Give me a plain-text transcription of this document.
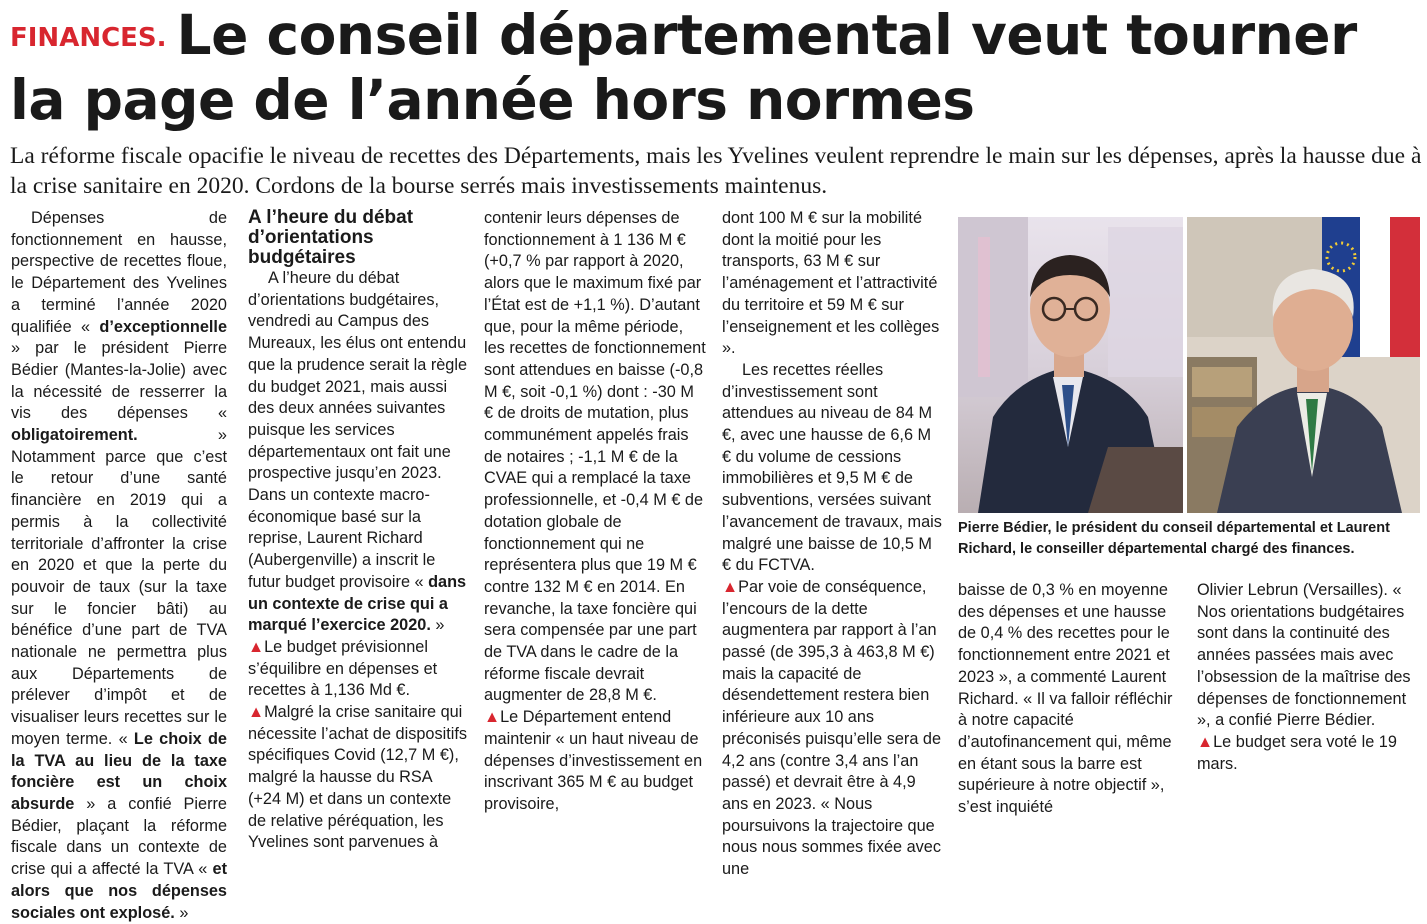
FINANCES. Le conseil départemental veut tourner la page de l’année hors normes

La réforme fiscale opacifie le niveau de recettes des Départements, mais les Yvelines veulent reprendre le main sur les dépenses, après la hausse due à la crise sanitaire en 2020. Cordons de la bourse serrés mais investissements maintenus.

Dépenses de fonctionnement en hausse, perspective de recettes floue, le Département des Yvelines a terminé l’année 2020 qualifiée « d’exceptionnelle » par le président Pierre Bédier (Mantes-la-Jolie) avec la nécessité de resserrer la vis des dépenses « obligatoirement. » Notamment parce que c’est le retour d’une santé financière en 2019 qui a permis à la collectivité territoriale d’affronter la crise en 2020 et que la perte du pouvoir de taux (sur la taxe sur le foncier bâti) au bénéfice d’une part de TVA nationale ne permettra plus aux Départements de prélever d’impôt et de visualiser leurs recettes sur le moyen terme. « Le choix de la TVA au lieu de la taxe foncière est un choix absurde » a confié Pierre Bédier, plaçant la réforme fiscale dans un contexte de crise qui a affecté la TVA « et alors que nos dépenses sociales ont explosé. »

A l’heure du débat d’orientations budgétaires

A l’heure du débat d’orientations budgétaires, vendredi au Campus des Mureaux, les élus ont entendu que la prudence serait la règle du budget 2021, mais aussi des deux années suivantes puisque les services départementaux ont fait une prospective jusqu’en 2023. Dans un contexte macro-économique basé sur la reprise, Laurent Richard (Aubergenville) a inscrit le futur budget provisoire « dans un contexte de crise qui a marqué l’exercice 2020. »

▲Le budget prévisionnel s’équilibre en dépenses et recettes à 1,136 Md €.

▲Malgré la crise sanitaire qui nécessite l’achat de dispositifs spécifiques Covid (12,7 M €), malgré la hausse du RSA (+24 M) et dans un contexte de relative péréquation, les Yvelines sont parvenues à

contenir leurs dépenses de fonctionnement à 1 136 M € (+0,7 % par rapport à 2020, alors que le maximum fixé par l’État est de +1,1 %). D’autant que, pour la même période, les recettes de fonctionnement sont attendues en baisse (-0,8 M €, soit -0,1 %) dont : -30 M € de droits de mutation, plus communément appelés frais de notaires ; -1,1 M € de la CVAE qui a remplacé la taxe professionnelle, et -0,4 M € de dotation globale de fonctionnement qui ne représentera plus que 19 M € contre 132 M € en 2014. En revanche, la taxe foncière qui sera compensée par une part de TVA dans le cadre de la réforme fiscale devrait augmenter de 28,8 M €.

▲Le Département entend maintenir « un haut niveau de dépenses d’investissement en inscrivant 365 M € au budget provisoire,

dont 100 M € sur la mobilité dont la moitié pour les transports, 63 M € sur l’aménagement et l’attractivité du territoire et 59 M € sur l’enseignement et les collèges ».

Les recettes réelles d’investissement sont attendues au niveau de 84 M €, avec une hausse de 6,6 M € du volume de cessions immobilières et 9,5 M € de subventions, versées suivant l’avancement de travaux, mais malgré une baisse de 10,5 M € du FCTVA.

▲Par voie de conséquence, l’encours de la dette augmentera par rapport à l’an passé (de 395,3 à 463,8 M €) mais la capacité de désendettement restera bien inférieure aux 10 ans préconisés puisqu’elle sera de 4,2 ans (contre 3,4 ans l’an passé) et devrait être à 4,9 ans en 2023. « Nous poursuivons la trajectoire que nous nous sommes fixée avec une

Pierre Bédier, le président du conseil départemental et Laurent Richard, le conseiller départemental chargé des finances.

baisse de 0,3 % en moyenne des dépenses et une hausse de 0,4 % des recettes pour le fonctionnement entre 2021 et 2023 », a commenté Laurent Richard. « Il va falloir réfléchir à notre capacité d’autofinancement qui, même en étant sous la barre est supérieure à notre objectif », s’est inquiété

Olivier Lebrun (Versailles). « Nos orientations budgétaires sont dans la continuité des années passées mais avec l’obsession de la maîtrise des dépenses de fonctionnement », a confié Pierre Bédier.

▲Le budget sera voté le 19 mars.
